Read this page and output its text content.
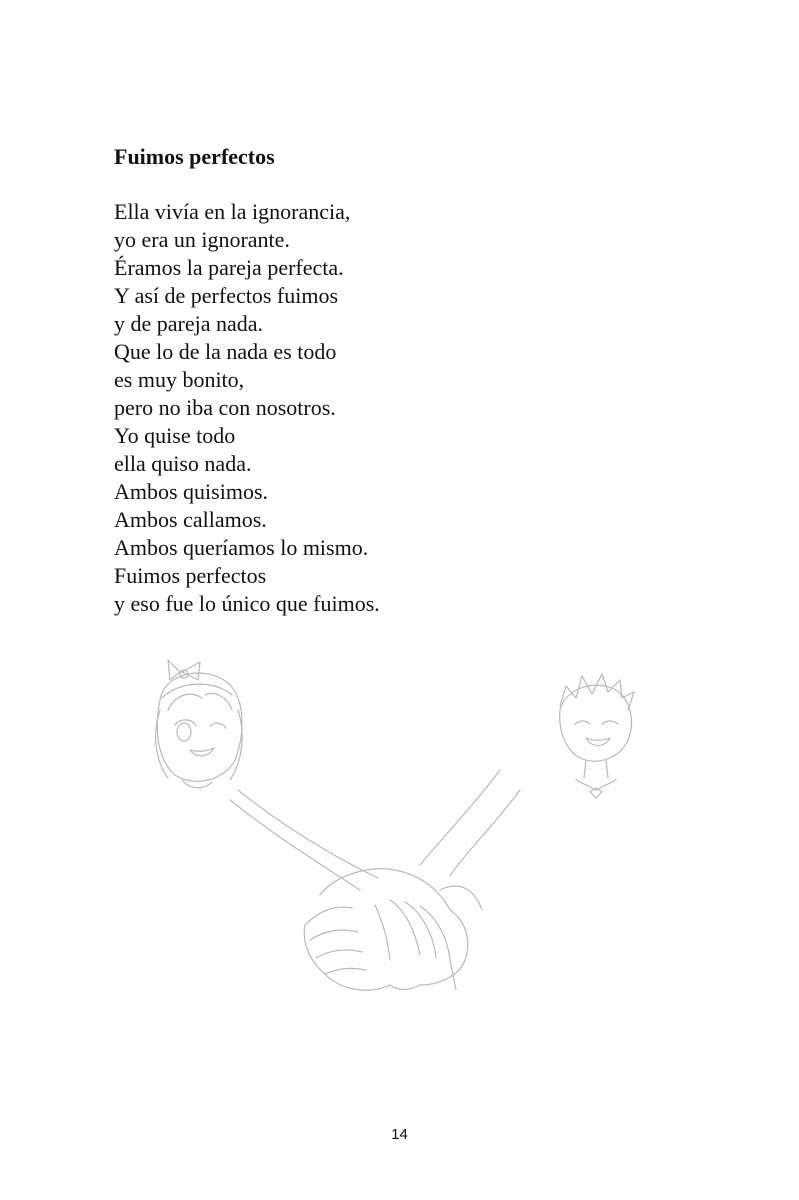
Fuimos perfectos
Ella vivía en la ignorancia,
yo era un ignorante.
Éramos la pareja perfecta.
Y así de perfectos fuimos
y de pareja nada.
Que lo de la nada es todo
es muy bonito,
pero no iba con nosotros.
Yo quise todo
ella quiso nada.
Ambos quisimos.
Ambos callamos.
Ambos queríamos lo mismo.
Fuimos perfectos
y eso fue lo único que fuimos.
14
